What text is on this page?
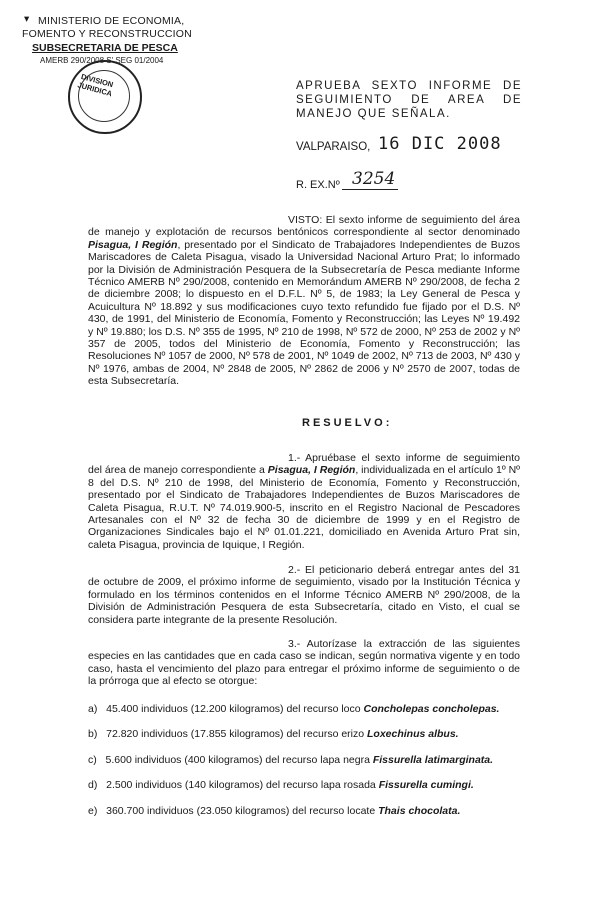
▾ MINISTERIO DE ECONOMIA,
FOMENTO Y RECONSTRUCCION
SUBSECRETARIA DE PESCA
AMERB 290/2008 S' SEG 01/2004
DIVISION JURIDICA	APRUEBA SEXTO INFORME DE SEGUIMIENTO DE AREA DE MANEJO QUE SEÑALA.
VALPARAISO, 16 DIC 2008
R. EX.Nº 3254

VISTO: El sexto informe de seguimiento del área de manejo y explotación de recursos bentónicos correspondiente al sector denominado Pisagua, I Región, presentado por el Sindicato de Trabajadores Independientes de Buzos Mariscadores de Caleta Pisagua, visado la Universidad Nacional Arturo Prat; lo informado por la División de Administración Pesquera de la Subsecretaría de Pesca mediante Informe Técnico AMERB Nº 290/2008, contenido en Memorándum AMERB Nº 290/2008, de fecha 2 de diciembre 2008; lo dispuesto en el D.F.L. Nº 5, de 1983; la Ley General de Pesca y Acuicultura Nº 18.892 y sus modificaciones cuyo texto refundido fue fijado por el D.S. Nº 430, de 1991, del Ministerio de Economía, Fomento y Reconstrucción; las Leyes Nº 19.492 y Nº 19.880; los D.S. Nº 355 de 1995, Nº 210 de 1998, Nº 572 de 2000, Nº 253 de 2002 y Nº 357 de 2005, todos del Ministerio de Economía, Fomento y Reconstrucción; las Resoluciones Nº 1057 de 2000, Nº 578 de 2001, Nº 1049 de 2002, Nº 713 de 2003, Nº 430 y Nº 1976, ambas de 2004, Nº 2848 de 2005, Nº 2862 de 2006 y Nº 2570 de 2007, todas de esta Subsecretaría.

RESUELVO:

1.- Apruébase el sexto informe de seguimiento del área de manejo correspondiente a Pisagua, I Región, individualizada en el artículo 1º Nº 8 del D.S. Nº 210 de 1998, del Ministerio de Economía, Fomento y Reconstrucción, presentado por el Sindicato de Trabajadores Independientes de Buzos Mariscadores de Caleta Pisagua, R.U.T. Nº 74.019.900-5, inscrito en el Registro Nacional de Pescadores Artesanales con el Nº 32 de fecha 30 de diciembre de 1999 y en el Registro de Organizaciones Sindicales bajo el Nº 01.01.221, domiciliado en Avenida Arturo Prat sin, caleta Pisagua, provincia de Iquique, I Región.

2.- El peticionario deberá entregar antes del 31 de octubre de 2009, el próximo informe de seguimiento, visado por la Institución Técnica y formulado en los términos contenidos en el Informe Técnico AMERB Nº 290/2008, de la División de Administración Pesquera de esta Subsecretaría, citado en Visto, el cual se considera parte integrante de la presente Resolución.

3.- Autorízase la extracción de las siguientes especies en las cantidades que en cada caso se indican, según normativa vigente y en todo caso, hasta el vencimiento del plazo para entregar el próximo informe de seguimiento o de la prórroga que al efecto se otorgue:

a) 45.400 individuos (12.200 kilogramos) del recurso loco Concholepas concholepas.
b) 72.820 individuos (17.855 kilogramos) del recurso erizo Loxechinus albus.
c) 5.600 individuos (400 kilogramos) del recurso lapa negra Fissurella latimarginata.
d) 2.500 individuos (140 kilogramos) del recurso lapa rosada Fissurella cumingi.
e) 360.700 individuos (23.050 kilogramos) del recurso locate Thais chocolata.
